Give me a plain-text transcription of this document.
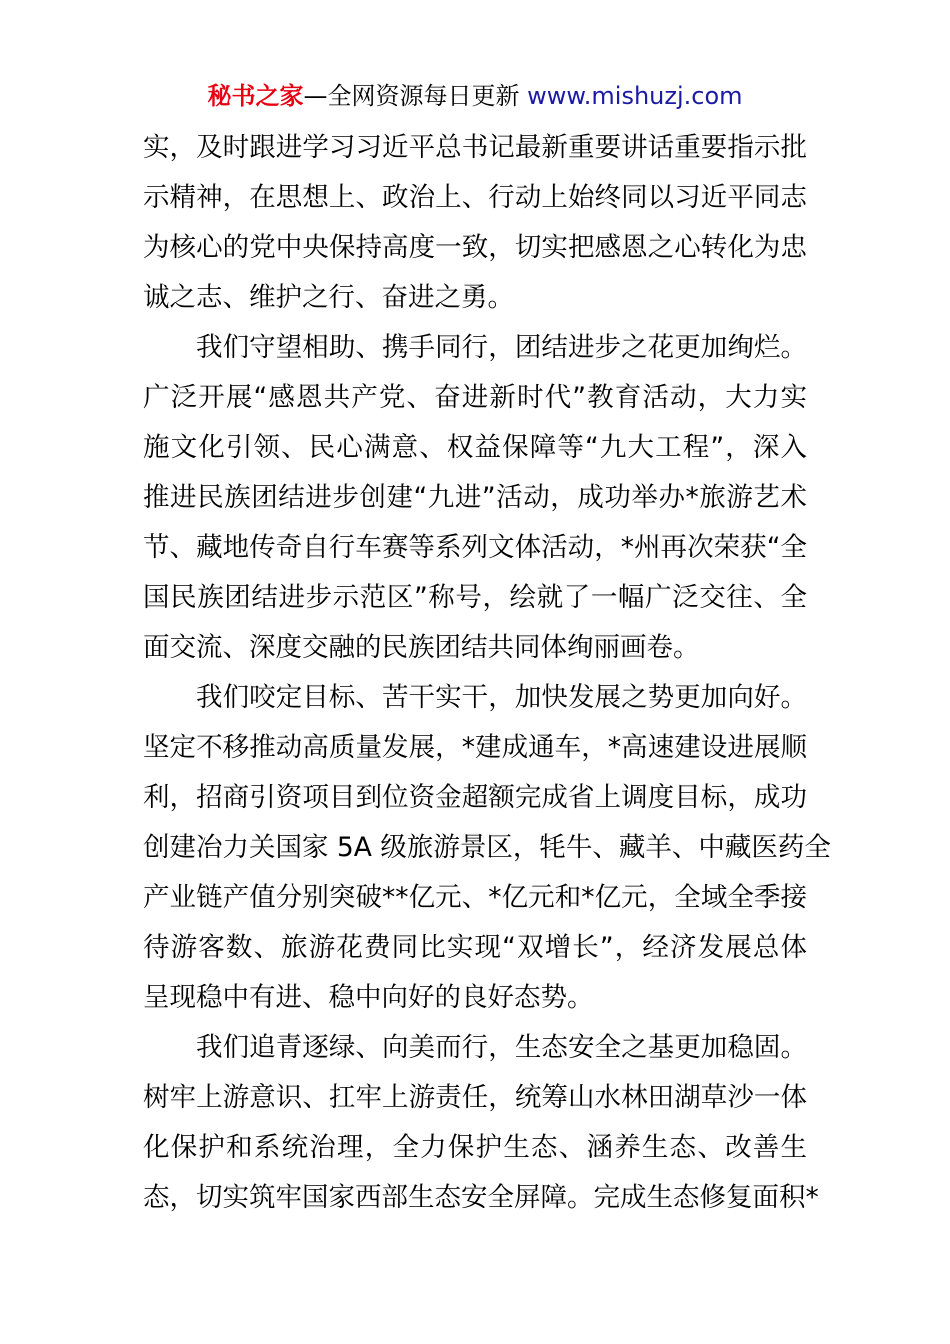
秘书之家—全网资源每日更新 www.mishuzj.com
实，及时跟进学习习近平总书记最新重要讲话重要指示批
示精神，在思想上、政治上、行动上始终同以习近平同志
为核心的党中央保持高度一致，切实把感恩之心转化为忠
诚之志、维护之行、奋进之勇。
我们守望相助、携手同行，团结进步之花更加绚烂。
广泛开展“感恩共产党、奋进新时代”教育活动，大力实
施文化引领、民心满意、权益保障等“九大工程”，深入
推进民族团结进步创建“九进”活动，成功举办*旅游艺术
节、藏地传奇自行车赛等系列文体活动，*州再次荣获“全
国民族团结进步示范区”称号，绘就了一幅广泛交往、全
面交流、深度交融的民族团结共同体绚丽画卷。
我们咬定目标、苦干实干，加快发展之势更加向好。
坚定不移推动高质量发展，*建成通车，*高速建设进展顺
利，招商引资项目到位资金超额完成省上调度目标，成功
创建冶力关国家 5A 级旅游景区，牦牛、藏羊、中藏医药全
产业链产值分别突破**亿元、*亿元和*亿元，全域全季接
待游客数、旅游花费同比实现“双增长”，经济发展总体
呈现稳中有进、稳中向好的良好态势。
我们追青逐绿、向美而行，生态安全之基更加稳固。
树牢上游意识、扛牢上游责任，统筹山水林田湖草沙一体
化保护和系统治理，全力保护生态、涵养生态、改善生
态，切实筑牢国家西部生态安全屏障。完成生态修复面积*
